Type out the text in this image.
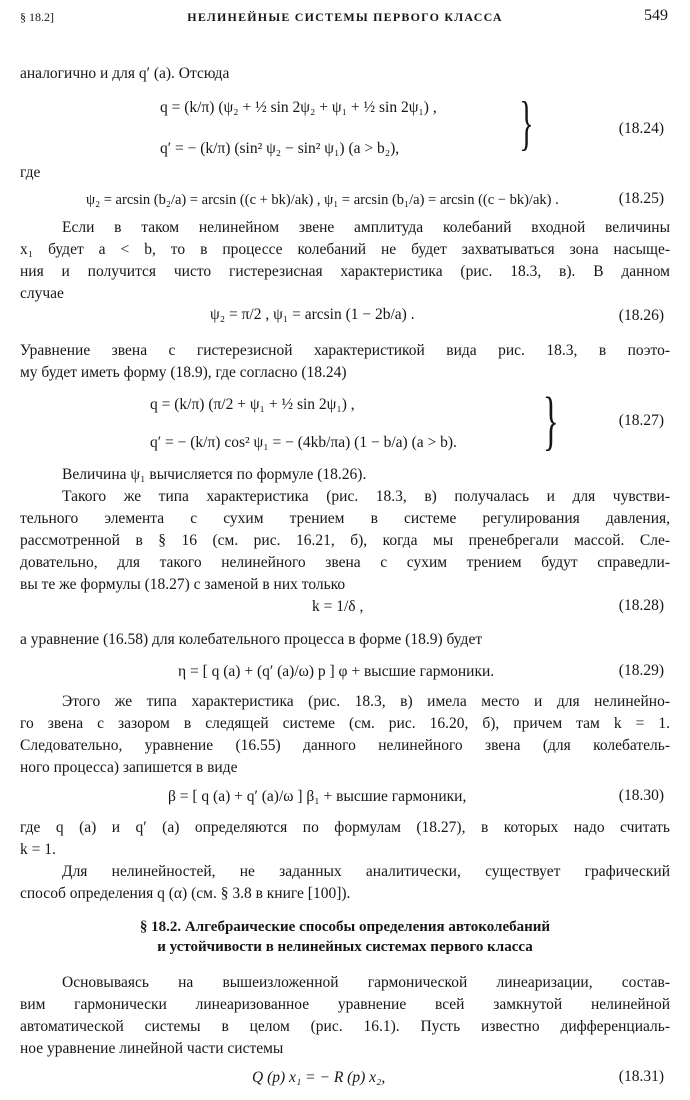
§ 18.2]	НЕЛИНЕЙНЫЕ СИСТЕМЫ ПЕРВОГО КЛАССА	549
аналогично и для q′ (a). Отсюда
q = (k/π) (ψ₂ + ½ sin 2ψ₂ + ψ₁ + ½ sin 2ψ₁) ,
q′ = − (k/π) (sin² ψ₂ − sin² ψ₁) (a > b₂), }	(18.24)
где
ψ₂ = arcsin (b₂/a) = arcsin ((c + bk)/ak) , ψ₁ = arcsin (b₁/a) = arcsin ((c − bk)/ak) .	(18.25)
Если в таком нелинейном звене амплитуда колебаний входной величины
x₁ будет a < b, то в процессе колебаний не будет захватываться зона насыще-
ния и получится чисто гистерезисная характеристика (рис. 18.3, в). В данном
случае
ψ₂ = π/2 , ψ₁ = arcsin (1 − 2b/a) .	(18.26)
Уравнение звена с гистерезисной характеристикой вида рис. 18.3, в поэто-
му будет иметь форму (18.9), где согласно (18.24)
q = (k/π) (π/2 + ψ₁ + ½ sin 2ψ₁) ,
q′ = − (k/π) cos² ψ₁ = − (4kb/πa) (1 − b/a) (a > b). }	(18.27)
Величина ψ₁ вычисляется по формуле (18.26).
Такого же типа характеристика (рис. 18.3, в) получалась и для чувстви-
тельного элемента с сухим трением в системе регулирования давления,
рассмотренной в § 16 (см. рис. 16.21, б), когда мы пренебрегали массой. Сле-
довательно, для такого нелинейного звена с сухим трением будут справедли-
вы те же формулы (18.27) с заменой в них только
k = 1/δ ,	(18.28)
а уравнение (16.58) для колебательного процесса в форме (18.9) будет
η = [ q (a) + (q′ (a)/ω) p ] φ + высшие гармоники.	(18.29)
Этого же типа характеристика (рис. 18.3, в) имела место и для нелинейно-
го звена с зазором в следящей системе (см. рис. 16.20, б), причем там k = 1.
Следовательно, уравнение (16.55) данного нелинейного звена (для колебатель-
ного процесса) запишется в виде
β = [ q (a) + q′ (a)/ω ] β₁ + высшие гармоники,	(18.30)
где q (a) и q′ (a) определяются по формулам (18.27), в которых надо считать
k = 1.
Для нелинейностей, не заданных аналитически, существует графический
способ определения q (α) (см. § 3.8 в книге [100]).
§ 18.2. Алгебраические способы определения автоколебаний
и устойчивости в нелинейных системах первого класса
Основываясь на вышеизложенной гармонической линеаризации, состав-
вим гармонически линеаризованное уравнение всей замкнутой нелинейной
автоматической системы в целом (рис. 16.1). Пусть известно дифференциаль-
ное уравнение линейной части системы
Q (p) x₁ = − R (p) x₂,	(18.31)
